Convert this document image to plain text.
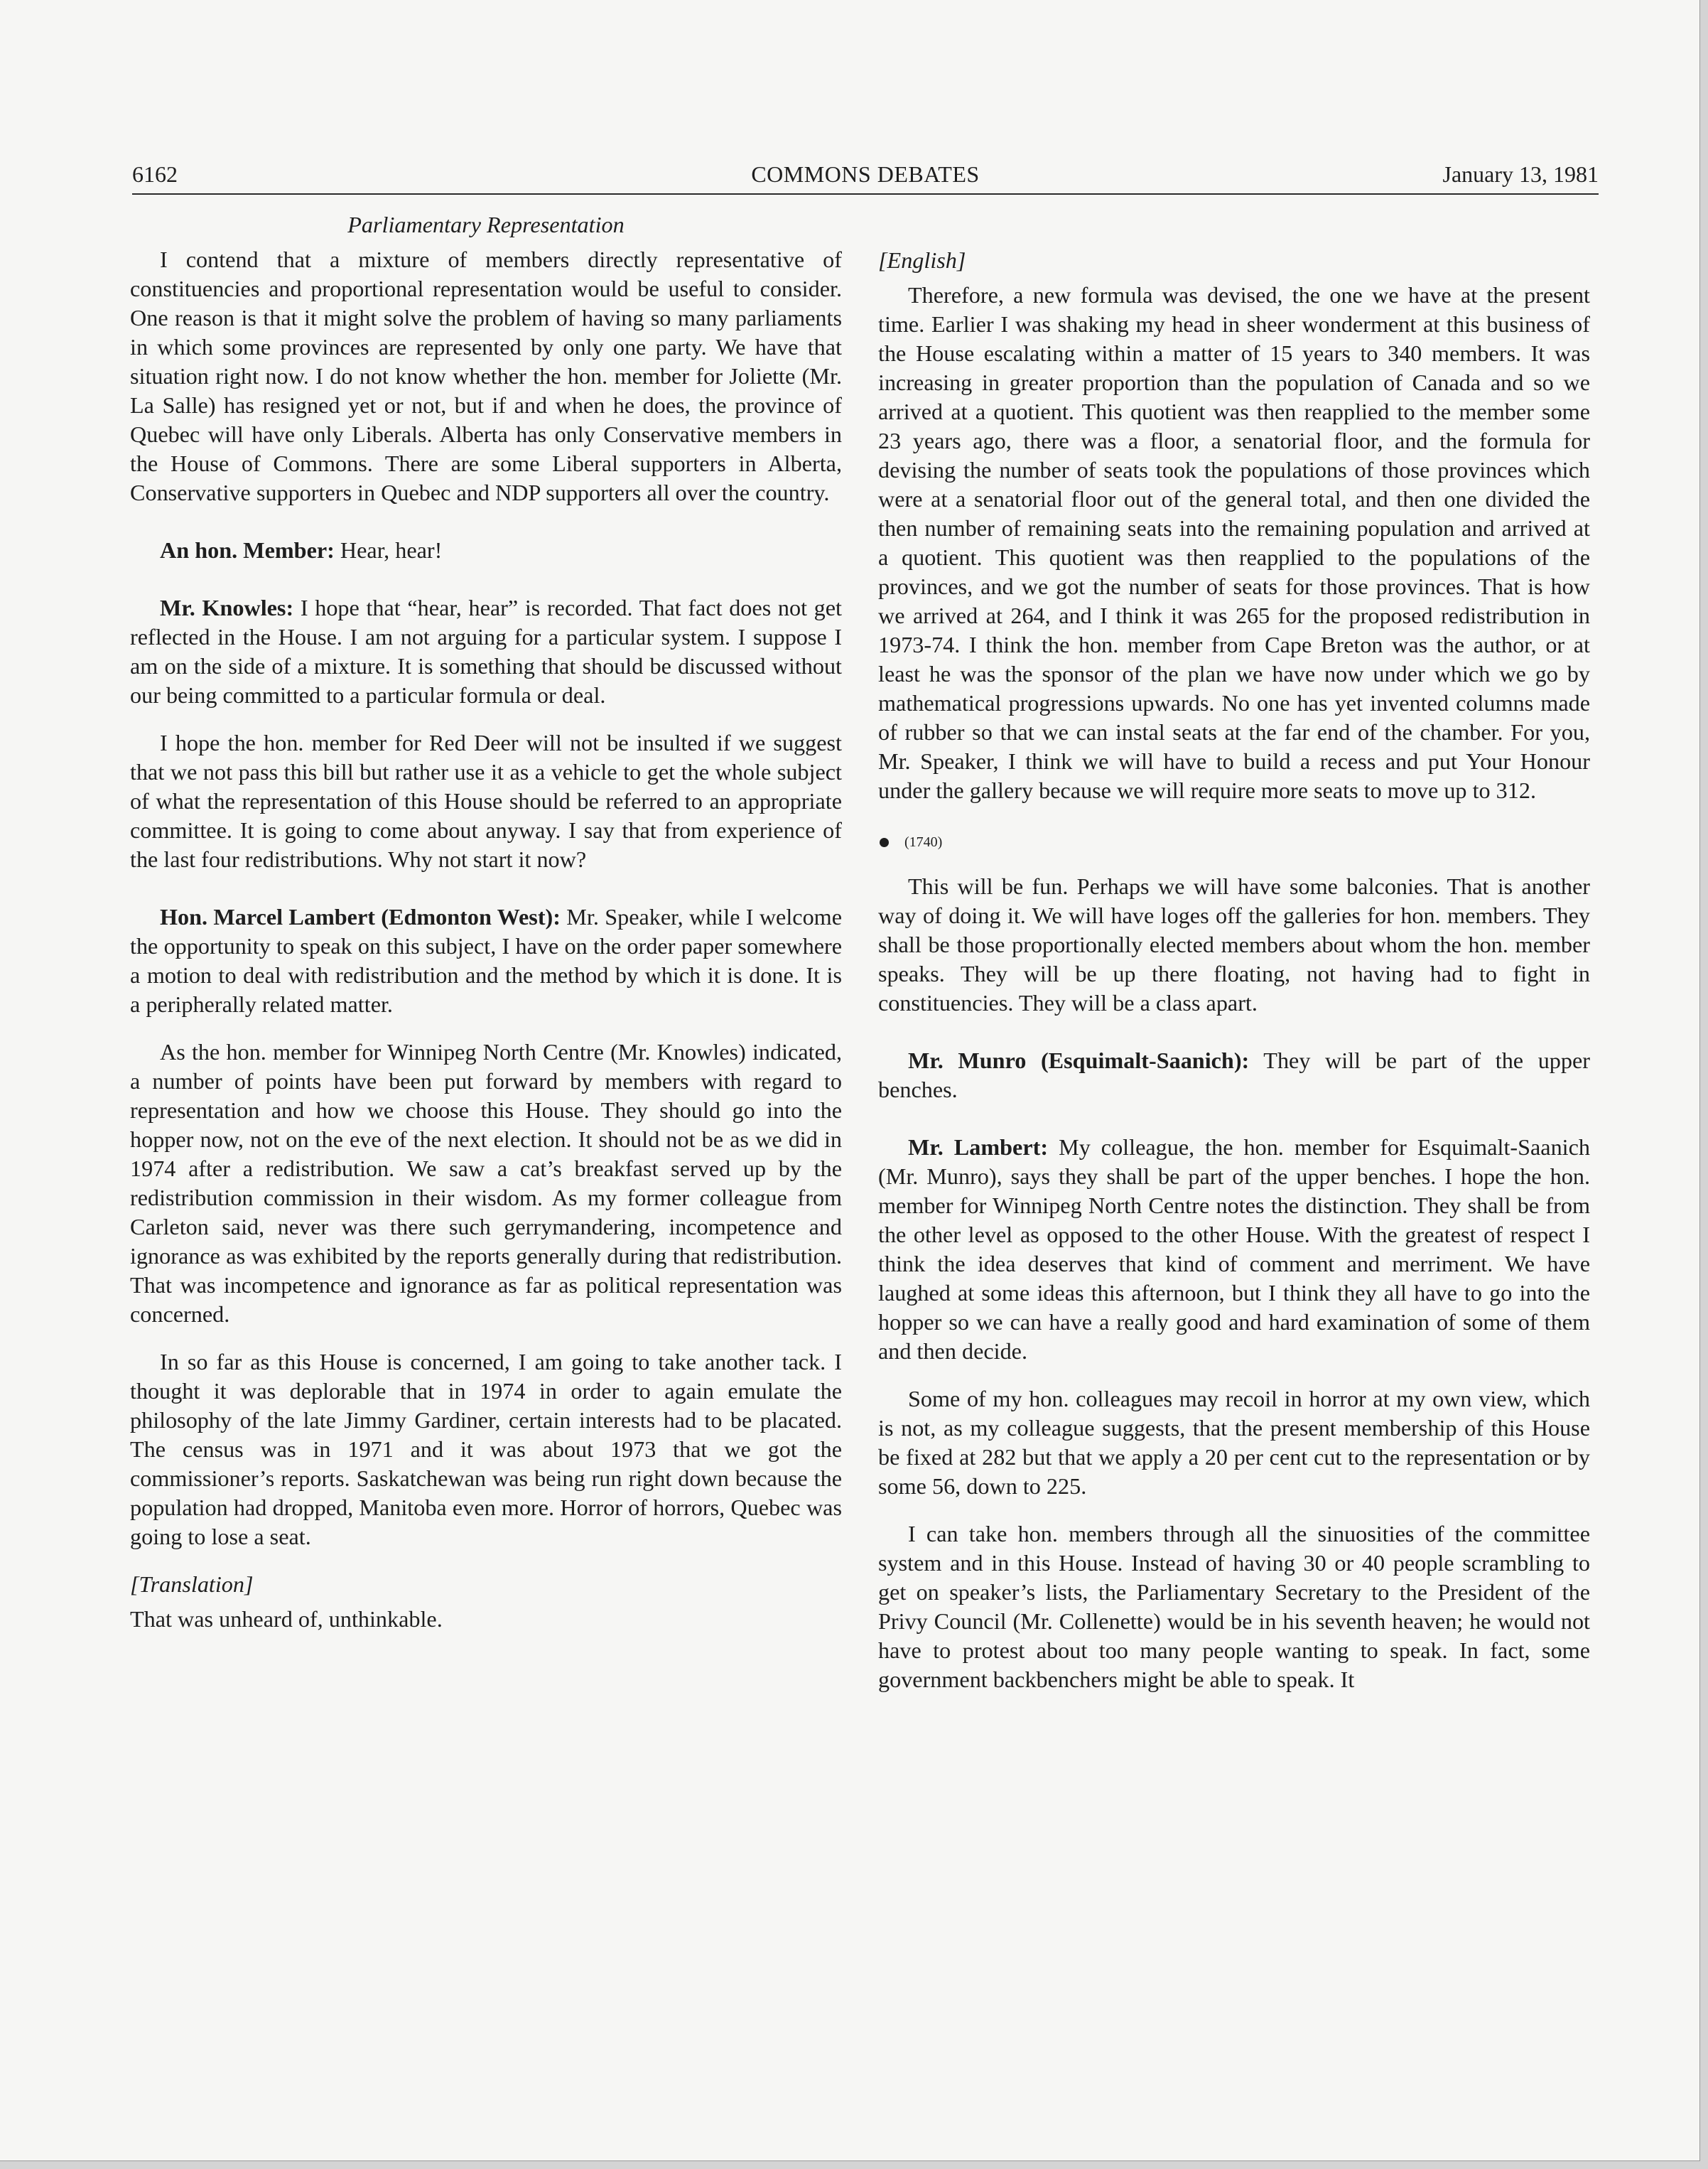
6162	COMMONS DEBATES	January 13, 1981
Parliamentary Representation

I contend that a mixture of members directly representative of constituencies and proportional representation would be useful to consider. One reason is that it might solve the problem of having so many parliaments in which some provinces are represented by only one party. We have that situation right now. I do not know whether the hon. member for Joliette (Mr. La Salle) has resigned yet or not, but if and when he does, the province of Quebec will have only Liberals. Alberta has only Conservative members in the House of Commons. There are some Liberal supporters in Alberta, Conservative supporters in Quebec and NDP supporters all over the country.

An hon. Member: Hear, hear!

Mr. Knowles: I hope that “hear, hear” is recorded. That fact does not get reflected in the House. I am not arguing for a particular system. I suppose I am on the side of a mixture. It is something that should be discussed without our being committed to a particular formula or deal.

I hope the hon. member for Red Deer will not be insulted if we suggest that we not pass this bill but rather use it as a vehicle to get the whole subject of what the representation of this House should be referred to an appropriate committee. It is going to come about anyway. I say that from experience of the last four redistributions. Why not start it now?

Hon. Marcel Lambert (Edmonton West): Mr. Speaker, while I welcome the opportunity to speak on this subject, I have on the order paper somewhere a motion to deal with redistribution and the method by which it is done. It is a peripherally related matter.

As the hon. member for Winnipeg North Centre (Mr. Knowles) indicated, a number of points have been put forward by members with regard to representation and how we choose this House. They should go into the hopper now, not on the eve of the next election. It should not be as we did in 1974 after a redistribution. We saw a cat’s breakfast served up by the redistribution commission in their wisdom. As my former colleague from Carleton said, never was there such gerrymandering, incompetence and ignorance as was exhibited by the reports generally during that redistribution. That was incompetence and ignorance as far as political representation was concerned.

In so far as this House is concerned, I am going to take another tack. I thought it was deplorable that in 1974 in order to again emulate the philosophy of the late Jimmy Gardiner, certain interests had to be placated. The census was in 1971 and it was about 1973 that we got the commissioner’s reports. Saskatchewan was being run right down because the population had dropped, Manitoba even more. Horror of horrors, Quebec was going to lose a seat.

[Translation]

That was unheard of, unthinkable.

[English]

Therefore, a new formula was devised, the one we have at the present time. Earlier I was shaking my head in sheer wonderment at this business of the House escalating within a matter of 15 years to 340 members. It was increasing in greater proportion than the population of Canada and so we arrived at a quotient. This quotient was then reapplied to the member some 23 years ago, there was a floor, a senatorial floor, and the formula for devising the number of seats took the populations of those provinces which were at a senatorial floor out of the general total, and then one divided the then number of remaining seats into the remaining population and arrived at a quotient. This quotient was then reapplied to the populations of the provinces, and we got the number of seats for those provinces. That is how we arrived at 264, and I think it was 265 for the proposed redistribution in 1973-74. I think the hon. member from Cape Breton was the author, or at least he was the sponsor of the plan we have now under which we go by mathematical progressions upwards. No one has yet invented columns made of rubber so that we can instal seats at the far end of the chamber. For you, Mr. Speaker, I think we will have to build a recess and put Your Honour under the gallery because we will require more seats to move up to 312.

(1740)

This will be fun. Perhaps we will have some balconies. That is another way of doing it. We will have loges off the galleries for hon. members. They shall be those proportionally elected members about whom the hon. member speaks. They will be up there floating, not having had to fight in constituencies. They will be a class apart.

Mr. Munro (Esquimalt-Saanich): They will be part of the upper benches.

Mr. Lambert: My colleague, the hon. member for Esquimalt-Saanich (Mr. Munro), says they shall be part of the upper benches. I hope the hon. member for Winnipeg North Centre notes the distinction. They shall be from the other level as opposed to the other House. With the greatest of respect I think the idea deserves that kind of comment and merriment. We have laughed at some ideas this afternoon, but I think they all have to go into the hopper so we can have a really good and hard examination of some of them and then decide.

Some of my hon. colleagues may recoil in horror at my own view, which is not, as my colleague suggests, that the present membership of this House be fixed at 282 but that we apply a 20 per cent cut to the representation or by some 56, down to 225.

I can take hon. members through all the sinuosities of the committee system and in this House. Instead of having 30 or 40 people scrambling to get on speaker’s lists, the Parliamentary Secretary to the President of the Privy Council (Mr. Collenette) would be in his seventh heaven; he would not have to protest about too many people wanting to speak. In fact, some government backbenchers might be able to speak. It
